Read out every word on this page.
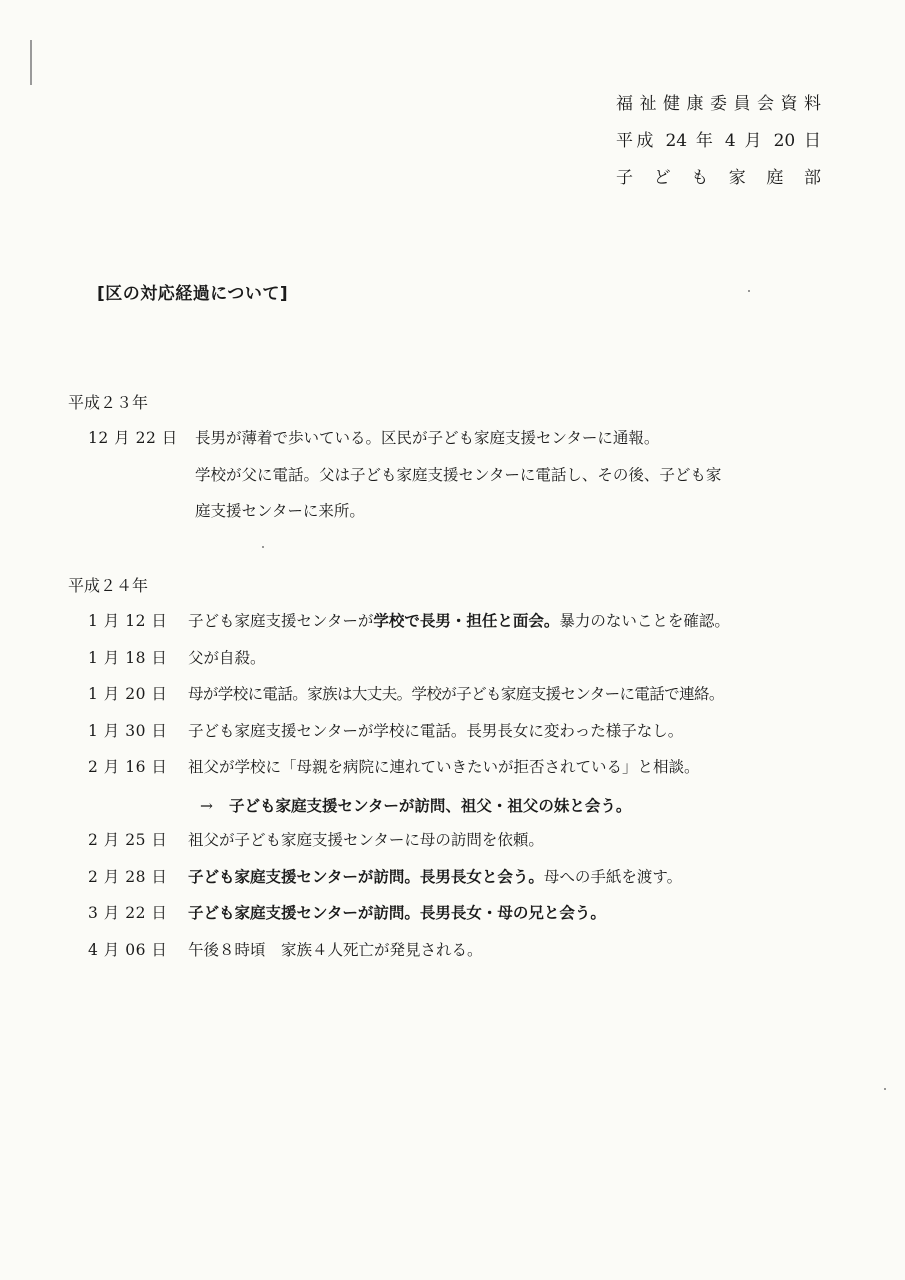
福祉健康委員会資料
平成 24 年 4 月 20 日
子 ど も 家 庭 部
[区の対応経過について]
平成２３年
12 月 22 日	長男が薄着で歩いている。区民が子ども家庭支援センターに通報。
学校が父に電話。父は子ども家庭支援センターに電話し、その後、子ども家
庭支援センターに来所。
平成２４年
1 月 12 日	子ども家庭支援センターが学校で長男・担任と面会。暴力のないことを確認。
1 月 18 日	父が自殺。
1 月 20 日	母が学校に電話。家族は大丈夫。学校が子ども家庭支援センターに電話で連絡。
1 月 30 日	子ども家庭支援センターが学校に電話。長男長女に変わった様子なし。
2 月 16 日	祖父が学校に「母親を病院に連れていきたいが拒否されている」と相談。
→ 子ども家庭支援センターが訪問、祖父・祖父の妹と会う。
2 月 25 日	祖父が子ども家庭支援センターに母の訪問を依頼。
2 月 28 日	子ども家庭支援センターが訪問。長男長女と会う。母への手紙を渡す。
3 月 22 日	子ども家庭支援センターが訪問。長男長女・母の兄と会う。
4 月 06 日	午後８時頃　家族４人死亡が発見される。
